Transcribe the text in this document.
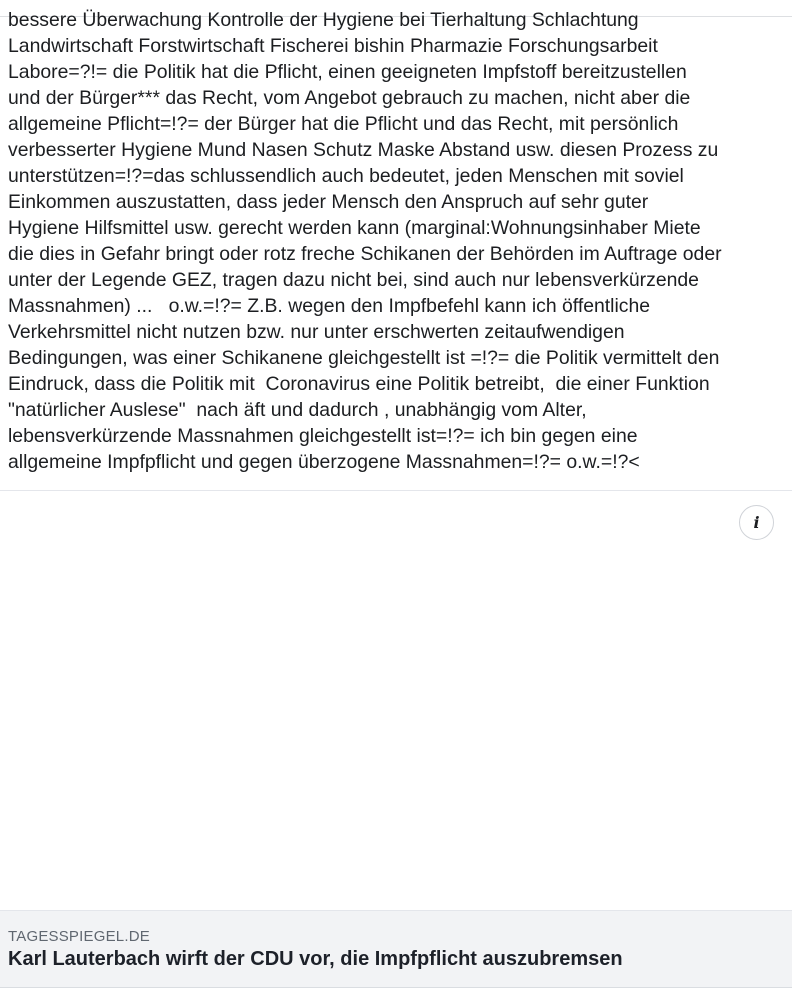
bessere Überwachung Kontrolle der Hygiene bei Tierhaltung Schlachtung
Landwirtschaft Forstwirtschaft Fischerei bishin Pharmazie Forschungsarbeit
Labore=?!= die Politik hat die Pflicht, einen geeigneten Impfstoff bereitzustellen
und der Bürger*** das Recht, vom Angebot gebrauch zu machen, nicht aber die
allgemeine Pflicht=!?= der Bürger hat die Pflicht und das Recht, mit persönlich
verbesserter Hygiene Mund Nasen Schutz Maske Abstand usw. diesen Prozess zu
unterstützen=!?=das schlussendlich auch bedeutet, jeden Menschen mit soviel
Einkommen auszustatten, dass jeder Mensch den Anspruch auf sehr guter
Hygiene Hilfsmittel usw. gerecht werden kann (marginal:Wohnungsinhaber Miete
die dies in Gefahr bringt oder rotz freche Schikanen der Behörden im Auftrage oder
unter der Legende GEZ, tragen dazu nicht bei, sind auch nur lebensverkürzende
Massnahmen) ...   o.w.=!?= Z.B. wegen den Impfbefehl kann ich öffentliche
Verkehrsmittel nicht nutzen bzw. nur unter erschwerten zeitaufwendigen
Bedingungen, was einer Schikanene gleichgestellt ist =!?= die Politik vermittelt den
Eindruck, dass die Politik mit  Coronavirus eine Politik betreibt,  die einer Funktion
"natürlicher Auslese"  nach äft und dadurch , unabhängig vom Alter,
lebensverkürzende Massnahmen gleichgestellt ist=!?= ich bin gegen eine
allgemeine Impfpflicht und gegen überzogene Massnahmen=!?= o.w.=!?<

i
TAGESSPIEGEL.DE
Karl Lauterbach wirft der CDU vor, die Impfpflicht auszubremsen
